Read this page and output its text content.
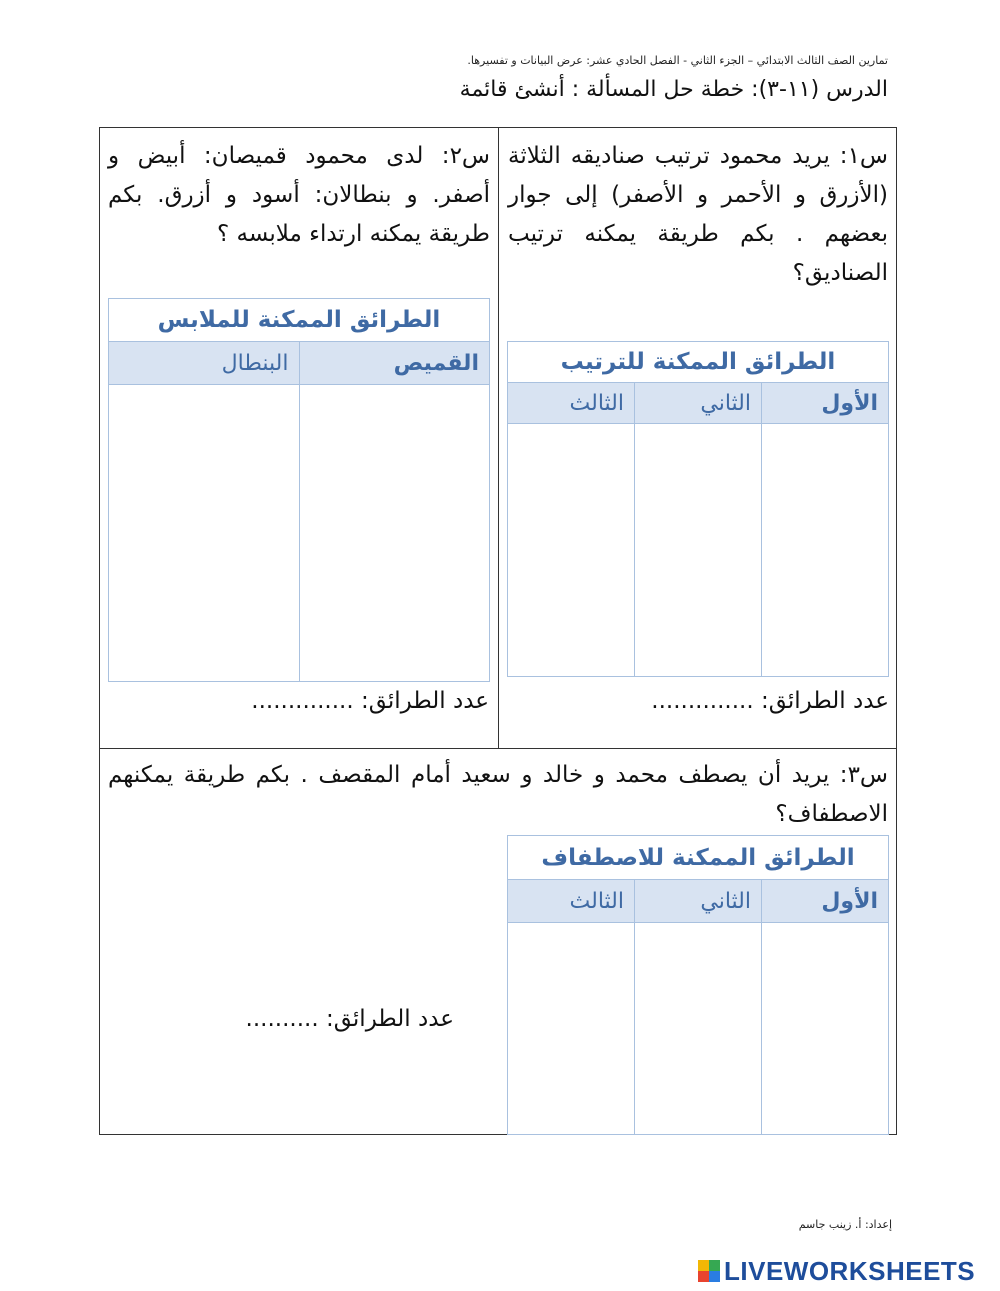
تمارين الصف الثالث الابتدائي – الجزء الثاني - الفصل الحادي عشر: عرض البيانات و تفسيرها.
الدرس (١١-٣): خطة حل المسألة : أنشئ قائمة
س١: يريد محمود ترتيب صناديقه الثلاثة (الأزرق و الأحمر و الأصفر) إلى جوار بعضهم . بكم طريقة يمكنه ترتيب الصناديق؟
الطرائق الممكنة للترتيب		
الأول	الثاني	الثالث

عدد الطرائق: ..............
س٢: لدى محمود قميصان: أبيض و أصفر. و بنطالان: أسود و أزرق. بكم طريقة يمكنه ارتداء ملابسه ؟
الطرائق الممكنة للملابس	
القميص	البنطال

عدد الطرائق: ..............
س٣: يريد أن يصطف محمد و خالد و سعيد أمام المقصف . بكم طريقة يمكنهم الاصطفاف؟
الطرائق الممكنة للاصطفاف		
الأول	الثاني	الثالث

عدد الطرائق: ..........
إعداد: أ. زينب جاسم
LIVEWORKSHEETS
